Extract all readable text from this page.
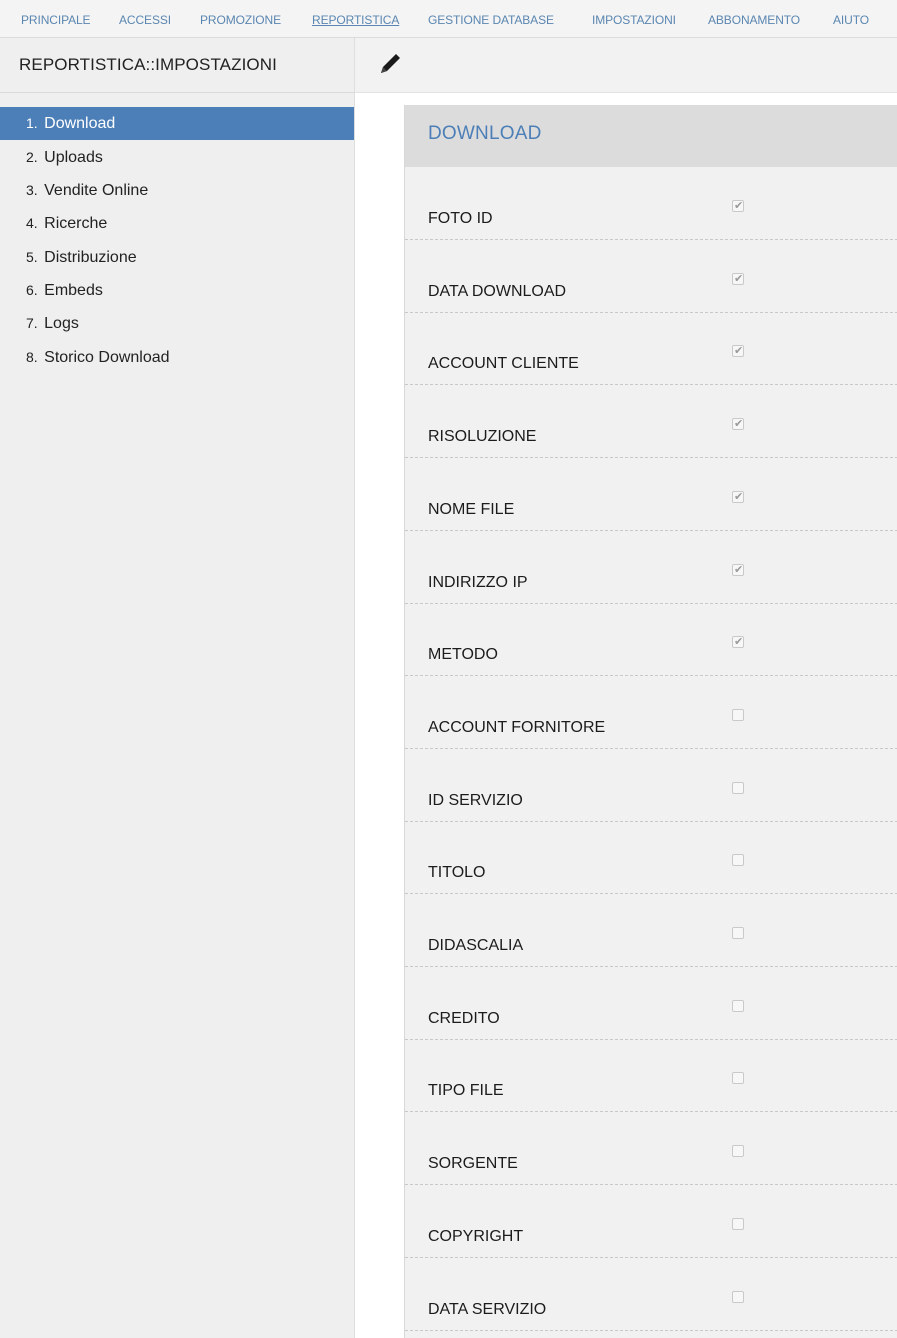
PRINCIPALE ACCESSI PROMOZIONE	REPORTISTICA GESTIONE DATABASE	IMPOSTAZIONI	ABBONAMENTO	AIUTO
REPORTISTICA::IMPOSTAZIONI
1. Download
2. Uploads
3. Vendite Online
4. Ricerche
5. Distribuzione
6. Embeds
7. Logs
8. Storico Download
DOWNLOAD
FOTO ID
✔
DATA DOWNLOAD
✔
ACCOUNT CLIENTE
✔
RISOLUZIONE
✔
NOME FILE
✔
INDIRIZZO IP
✔
METODO
✔
ACCOUNT FORNITORE
ID SERVIZIO
TITOLO
DIDASCALIA
CREDITO
TIPO FILE
SORGENTE
COPYRIGHT
DATA SERVIZIO
